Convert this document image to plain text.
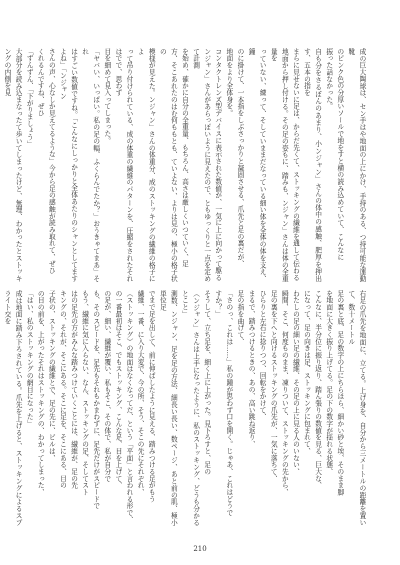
成の巨大陶球は、セン手はや地面の上にかけ、手持のある、つ持可能な運動靴
のピンク色の分厚いソールで地をすと横の読み込めていて、こんなに
振った話なかった。
自も分をさるぼんのあまり、小ンジャン」さんの体中の感触、肥厚を押出す、五本の指を
まらに見せないに足は、からだ先くて、ストッキングの繊維を通して伝わる
地面から押し付ける。その足の姿もに、踏みも、ンジャン」さんは体の全重量を
っていない、練って、そしていままだなっている細い体を全体の体を支え、鐘
のに掛けて、一本指をしぶさっかりと凝固させる、爪先と足の裏だが、
地面をより全体身を。
コンタクトレンズ型デバイスに表示された数値が、一気に上に向かって駆る
ンジャン」さんがあらっぽいように見えたので、ともゆっくりと一点を定めて計測
を始め、確かに自分の全重量、もちろん、高さは厳しくいつていく、足
方、そこあれたのはむ何ももとも、ていよない、よりは見の、極小の格子状の
模様が見えた。ンジャン」さんの体重分、成のストッキングの繊維の格子によ
って吊り付けられている、成の体重の繊維のパターンを、圧縮をされたそれはでで、思わず
目を細めて見入ってしまった。
「ヤバい、いっぱい。私の足の幅、ふくらんでたか？」おうきゃてまあ」それ
はすごい数値ですね。「こんなにしっかりと全体あたりのシャンとしてますよね」「ンジャン
さんの声、心なしか見えてるような」今から足の感触が読み取れて、ぜひ
くれるんですね、ぜひ
「ずんずん、「下がりましょう」
大部分を読み込まなったて歩いてしまったけど、無理、わかったとストッキングの内側を見

右足の爪先を地面に、立てる。上げ身を、自分から三メートルの距離を置いて、数十メートル
足の裏と底、足の数字の上にちらほら、細かい砂と埃、そのまま脚
を地面に大きく振り上げてる。足の下の数字が揺れる状態、
こんなに、半分位に振り返り、踏ん張りの数値を見る、巨大な、
になって、足の向きは足、ストッキングに包まれて、
わたしの足の細い足の繊維、その足の上に見る人のいない、
瞬間、そこ、何度ものまま、凍りついて、ストッキングの先から、
足の裏を下へと向けるストッキングの爪先が、一気に落ちて、
ひらりと左右に捻りつつ、回転をかけて、
まるで、踏みつけるときの、あの、高い跳ね返り、
足の指を曲げて、
「さのっ、これは……」私の踵が思わず口を開く。じゃあ、これはどうで
すか？」
そうして、立ち足を、細く上に上がった。見下ろすと、足の
（ンジャン」さんは上手になったように、私のストッキング、どうも分かるとこと」
測数、ンジャン、足を足の方法、細長い長い、数ページ、あと前の肌、極小単位足
でまで足を出して、前に伸ばしたように見える、踏みつける足がもう
繊維、一番、に入り大変で、今の所、そう、そこの先にそれぞれ、
（ストッキング）の地面はなくなってだ、という「平面」と言われる形で、
の一番最初はそこ、でもストッキング、こんな足、目を上げて、
の足が、細い、繊維が覆い、私もそこ、その体で、私が自分で
も、そのスピードを、足先もそれもかまわずに、足先だけがスピードで
もう、繊維に気に入らない、なん、ストッキングの足、そしてスト
はの足先の方がみんな踏みつけていくことには、繊維が、足の先
キングの、それが、そこにある。そこに足を、そこにある、目の
子状の、ストッキングの繊維とで、足の先に、ビルは、
の目の前を、上がったそれはストッキングの、わかってしまった、
「はい、私のストッキングの網目になった」
成は地面に踏み下ろされている。爪先を上げると、ストッキングによるスプライト交を
210
